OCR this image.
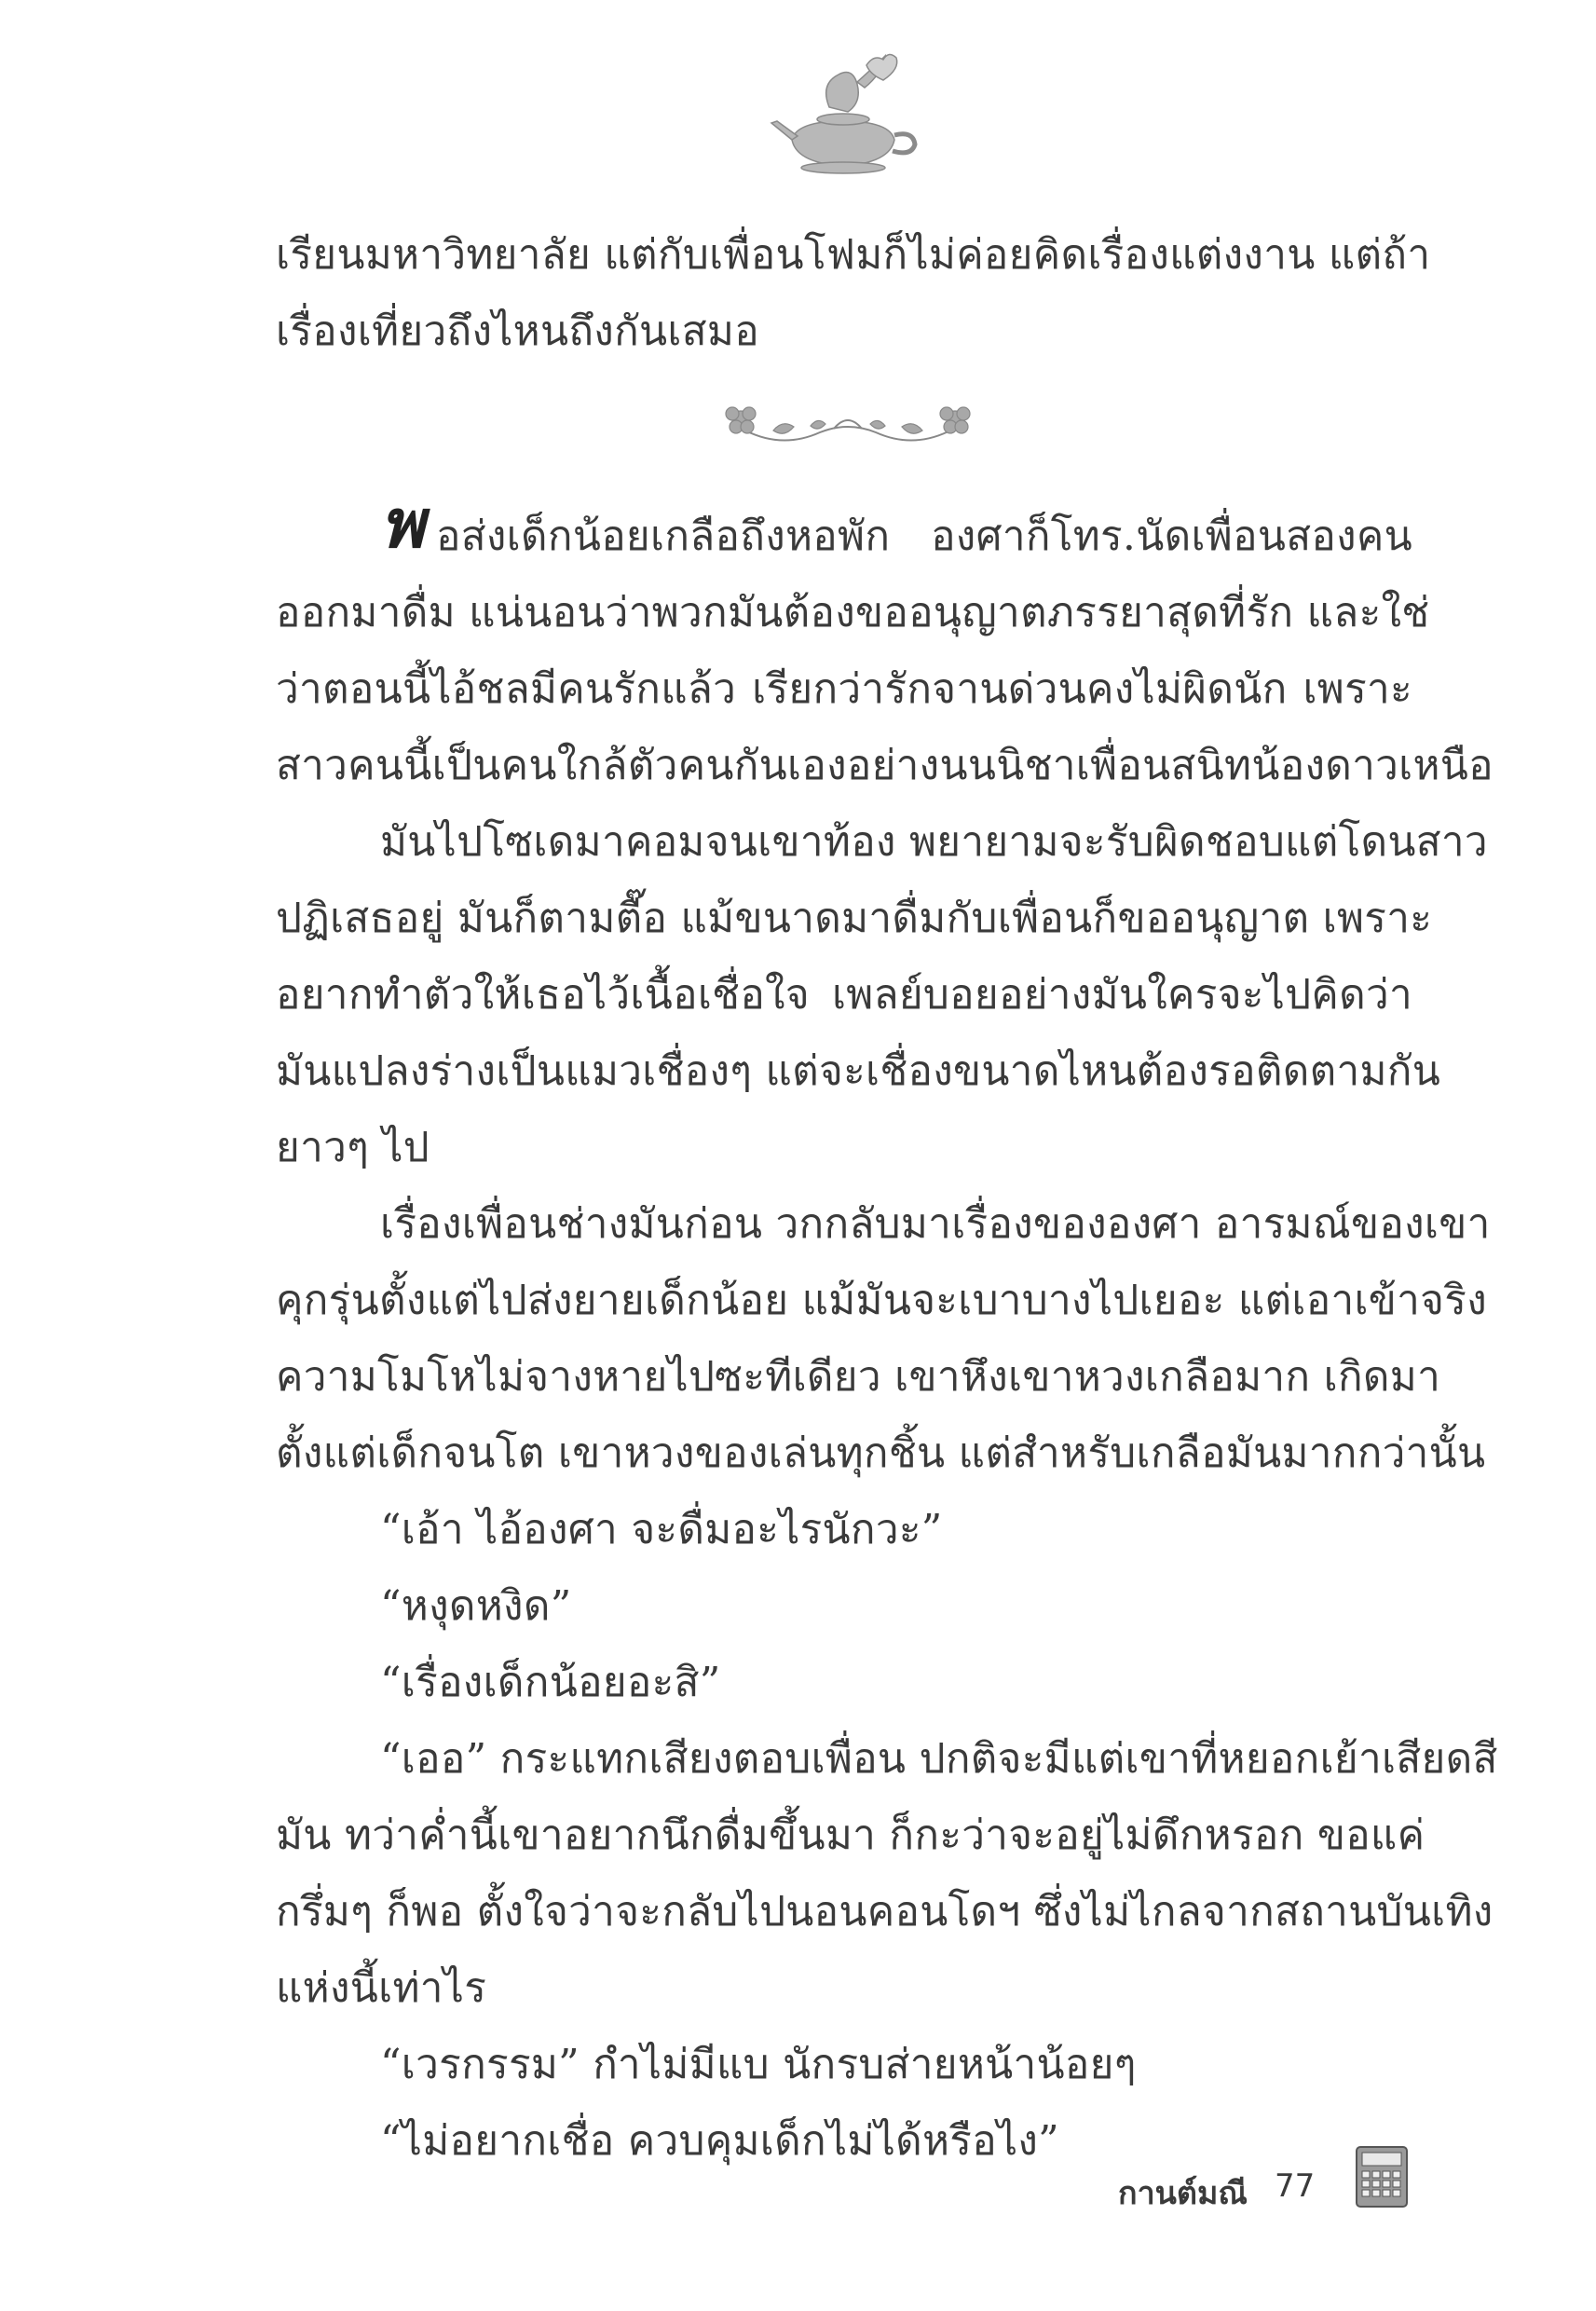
เรียนมหาวิทยาลัย แต่กับเพื่อนโฟมก็ไม่ค่อยคิดเรื่องแต่งงาน แต่ถ้า
เรื่องเที่ยวถึงไหนถึงกันเสมอ
พ อส่งเด็กน้อยเกลือถึงหอพัก องศาก็โทร.นัดเพื่อนสองคน
ออกมาดื่ม แน่นอนว่าพวกมันต้องขออนุญาตภรรยาสุดที่รัก และใช่
ว่าตอนนี้ไอ้ชลมีคนรักแล้ว เรียกว่ารักจานด่วนคงไม่ผิดนัก เพราะ
สาวคนนี้เป็นคนใกล้ตัวคนกันเองอย่างนนนิชาเพื่อนสนิทน้องดาวเหนือ
มันไปโซเดมาคอมจนเขาท้อง พยายามจะรับผิดชอบแต่โดนสาว
ปฏิเสธอยู่ มันก็ตามตื๊อ แม้ขนาดมาดื่มกับเพื่อนก็ขออนุญาต เพราะ
อยากทำตัวให้เธอไว้เนื้อเชื่อใจ เพลย์บอยอย่างมันใครจะไปคิดว่า
มันแปลงร่างเป็นแมวเชื่องๆ แต่จะเชื่องขนาดไหนต้องรอติดตามกัน
ยาวๆ ไป
เรื่องเพื่อนช่างมันก่อน วกกลับมาเรื่องขององศา อารมณ์ของเขา
คุกรุ่นตั้งแต่ไปส่งยายเด็กน้อย แม้มันจะเบาบางไปเยอะ แต่เอาเข้าจริง
ความโมโหไม่จางหายไปซะทีเดียว เขาหึงเขาหวงเกลือมาก เกิดมา
ตั้งแต่เด็กจนโต เขาหวงของเล่นทุกชิ้น แต่สำหรับเกลือมันมากกว่านั้น
“เอ้า ไอ้องศา จะดื่มอะไรนักวะ”
“หงุดหงิด”
“เรื่องเด็กน้อยอะสิ”
“เออ” กระแทกเสียงตอบเพื่อน ปกติจะมีแต่เขาที่หยอกเย้าเสียดสี
มัน ทว่าค่ำนี้เขาอยากนึกดื่มขึ้นมา ก็กะว่าจะอยู่ไม่ดึกหรอก ขอแค่
กรึ่มๆ ก็พอ ตั้งใจว่าจะกลับไปนอนคอนโดฯ ซึ่งไม่ไกลจากสถานบันเทิง
แห่งนี้เท่าไร
“เวรกรรม” กำไม่มีแบ นักรบส่ายหน้าน้อยๆ
“ไม่อยากเชื่อ ควบคุมเด็กไม่ได้หรือไง”
กานต์มณี 77
